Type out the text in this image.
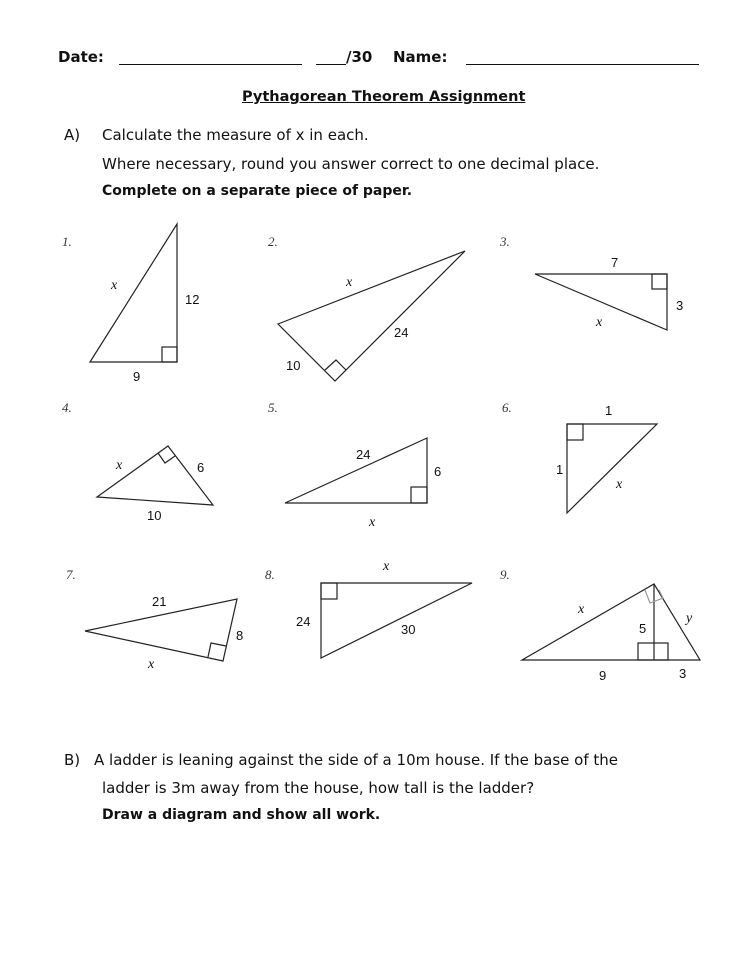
Date:	/30 Name:
Pythagorean Theorem Assignment
A) Calculate the measure of x in each.
Where necessary, round you answer correct to one decimal place.
Complete on a separate piece of paper.
1.
x
12
9
2.
x
24
10
3.
7
3
x
4.
x	6
10
5.
24
6
x
6.	1
1
x
7.
21
8
x
8.
x
24
30
9.
x
y
5
9	3
B) A ladder is leaning against the side of a 10m house. If the base of the
ladder is 3m away from the house, how tall is the ladder?
Draw a diagram and show all work.
